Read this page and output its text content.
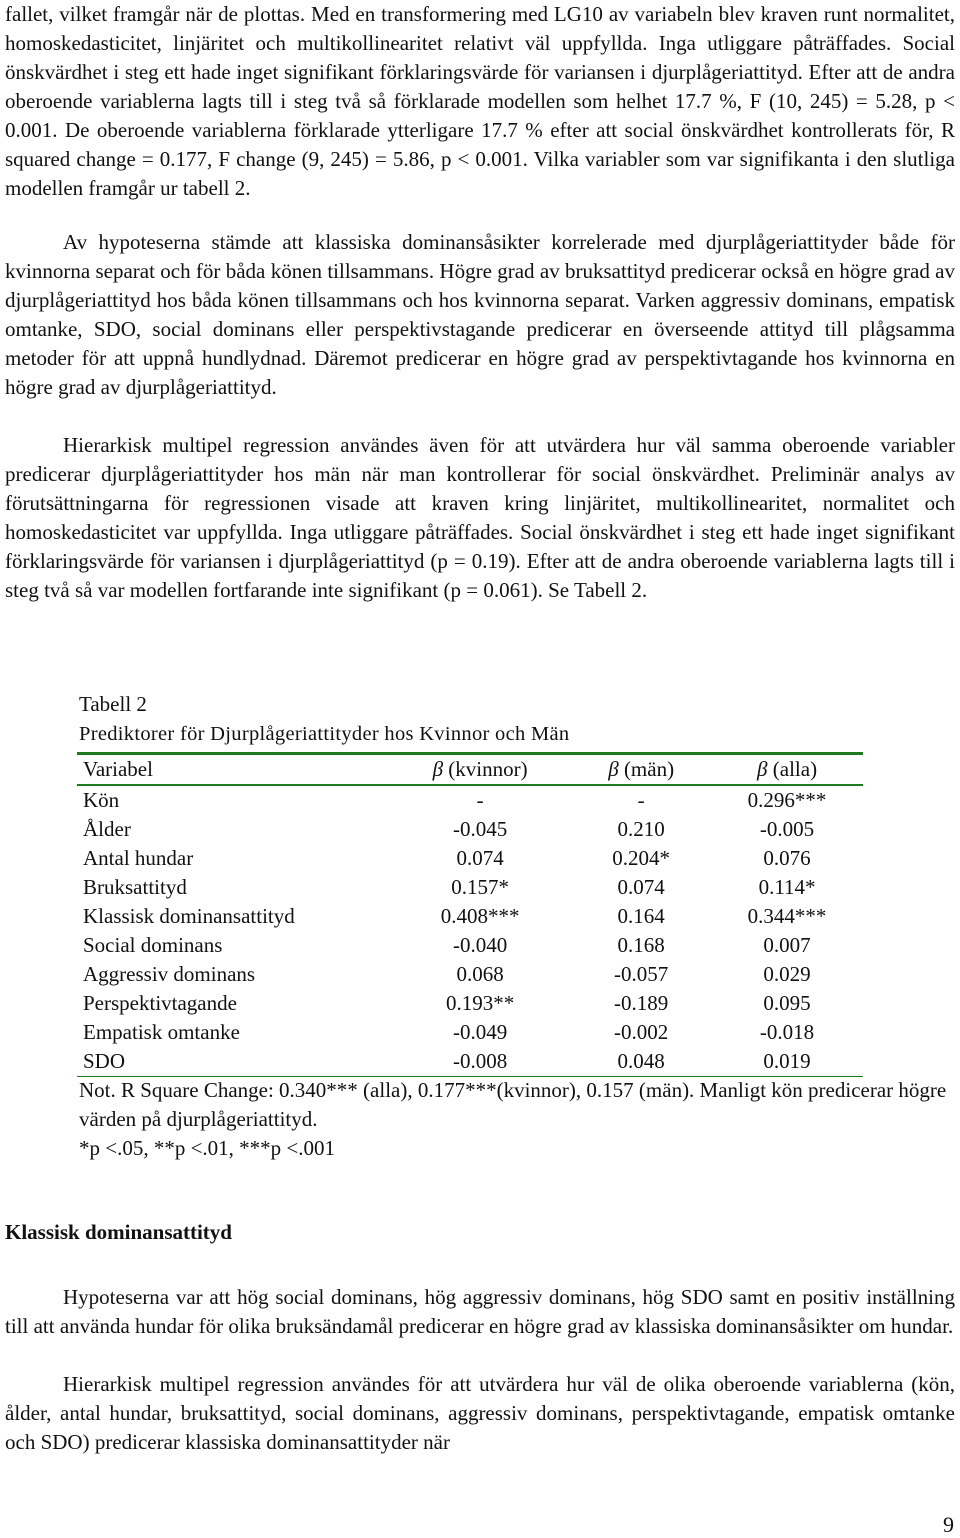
fallet, vilket framgår när de plottas. Med en transformering med LG10 av variabeln blev kraven runt normalitet, homoskedasticitet, linjäritet och multikollinearitet relativt väl uppfyllda. Inga utliggare påträffades. Social önskvärdhet i steg ett hade inget signifikant förklaringsvärde för variansen i djurplågeriattityd. Efter att de andra oberoende variablerna lagts till i steg två så förklarade modellen som helhet 17.7 %, F (10, 245) = 5.28, p < 0.001. De oberoende variablerna förklarade ytterligare 17.7 % efter att social önskvärdhet kontrollerats för, R squared change = 0.177, F change (9, 245) = 5.86, p < 0.001. Vilka variabler som var signifikanta i den slutliga modellen framgår ur tabell 2.

Av hypoteserna stämde att klassiska dominansåsikter korrelerade med djurplågeriattityder både för kvinnorna separat och för båda könen tillsammans. Högre grad av bruksattityd predicerar också en högre grad av djurplågeriattityd hos båda könen tillsammans och hos kvinnorna separat. Varken aggressiv dominans, empatisk omtanke, SDO, social dominans eller perspektivstagande predicerar en överseende attityd till plågsamma metoder för att uppnå hundlydnad. Däremot predicerar en högre grad av perspektivtagande hos kvinnorna en högre grad av djurplågeriattityd.

Hierarkisk multipel regression användes även för att utvärdera hur väl samma oberoende variabler predicerar djurplågeriattityder hos män när man kontrollerar för social önskvärdhet. Preliminär analys av förutsättningarna för regressionen visade att kraven kring linjäritet, multikollinearitet, normalitet och homoskedasticitet var uppfyllda. Inga utliggare påträffades. Social önskvärdhet i steg ett hade inget signifikant förklaringsvärde för variansen i djurplågeriattityd (p = 0.19). Efter att de andra oberoende variablerna lagts till i steg två så var modellen fortfarande inte signifikant (p = 0.061). Se Tabell 2.

Tabell 2
Prediktorer för Djurplågeriattityder hos Kvinnor och Män
Variabel	β (kvinnor)	β (män)	β (alla)
Kön	-	-	0.296***
Ålder	-0.045	0.210	-0.005
Antal hundar	0.074	0.204*	0.076
Bruksattityd	0.157*	0.074	0.114*
Klassisk dominansattityd	0.408***	0.164	0.344***
Social dominans	-0.040	0.168	0.007
Aggressiv dominans	0.068	-0.057	0.029
Perspektivtagande	0.193**	-0.189	0.095
Empatisk omtanke	-0.049	-0.002	-0.018
SDO	-0.008	0.048	0.019
Not. R Square Change: 0.340*** (alla), 0.177***(kvinnor), 0.157 (män). Manligt kön predicerar högre värden på djurplågeriattityd.
*p <.05, **p <.01, ***p <.001
Klassisk dominansattityd

Hypoteserna var att hög social dominans, hög aggressiv dominans, hög SDO samt en positiv inställning till att använda hundar för olika bruksändamål predicerar en högre grad av klassiska dominansåsikter om hundar.

Hierarkisk multipel regression användes för att utvärdera hur väl de olika oberoende variablerna (kön, ålder, antal hundar, bruksattityd, social dominans, aggressiv dominans, perspektivtagande, empatisk omtanke och SDO) predicerar klassiska dominansattityder när

9
